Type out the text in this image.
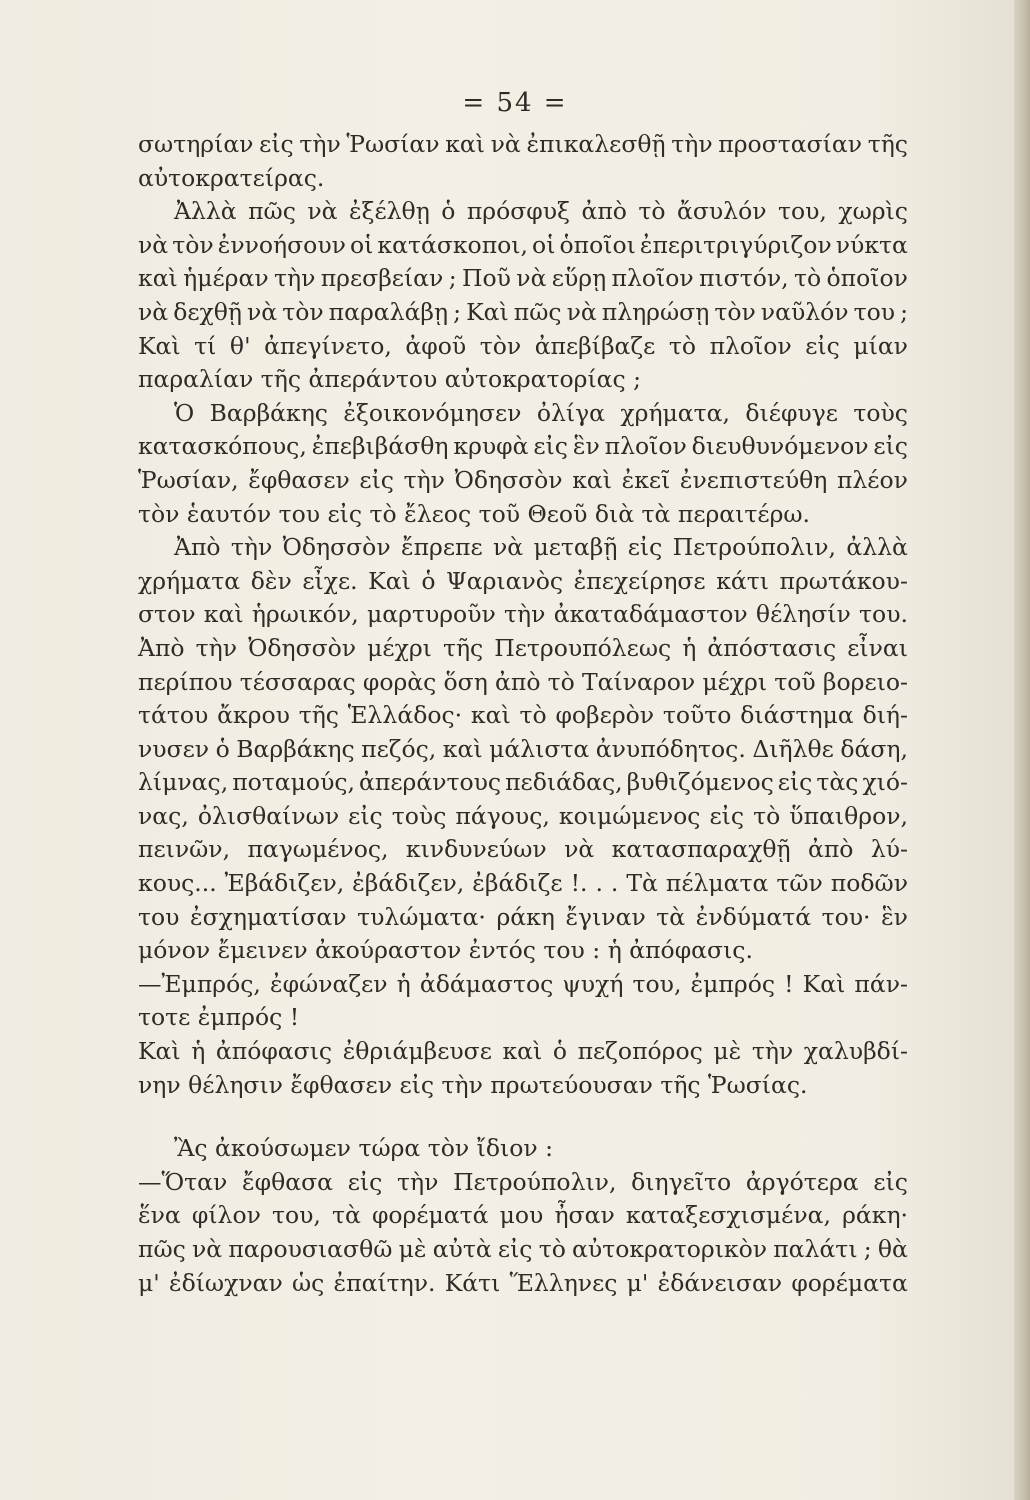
= 54 =
σωτηρίαν εἰς τὴν Ῥωσίαν καὶ νὰ ἐπικαλεσθῇ τὴν προστασίαν τῆς
αὐτοκρατείρας.
Ἀλλὰ πῶς νὰ ἐξέλθῃ ὁ πρόσφυξ ἀπὸ τὸ ἄσυλόν του, χωρὶς
νὰ τὸν ἐννοήσουν οἱ κατάσκοποι, οἱ ὁποῖοι ἐπεριτριγύριζον νύκτα
καὶ ἡμέραν τὴν πρεσβείαν ; Ποῦ νὰ εὕρῃ πλοῖον πιστόν, τὸ ὁποῖον
νὰ δεχθῇ νὰ τὸν παραλάβῃ ; Καὶ πῶς νὰ πληρώσῃ τὸν ναῦλόν του ;
Καὶ τί θ' ἀπεγίνετο, ἀφοῦ τὸν ἀπεβίβαζε τὸ πλοῖον εἰς μίαν
παραλίαν τῆς ἀπεράντου αὐτοκρατορίας ;
Ὁ Βαρβάκης ἐξοικονόμησεν ὀλίγα χρήματα, διέφυγε τοὺς
κατασκόπους, ἐπεβιβάσθη κρυφὰ εἰς ἓν πλοῖον διευθυνόμενον εἰς
Ῥωσίαν, ἔφθασεν εἰς τὴν Ὀδησσὸν καὶ ἐκεῖ ἐνεπιστεύθη πλέον
τὸν ἑαυτόν του εἰς τὸ ἔλεος τοῦ Θεοῦ διὰ τὰ περαιτέρω.
Ἀπὸ τὴν Ὀδησσὸν ἔπρεπε νὰ μεταβῇ εἰς Πετρούπολιν, ἀλλὰ
χρήματα δὲν εἶχε. Καὶ ὁ Ψαριανὸς ἐπεχείρησε κάτι πρωτάκου-
στον καὶ ἡρωικόν, μαρτυροῦν τὴν ἀκαταδάμαστον θέλησίν του.
Ἀπὸ τὴν Ὀδησσὸν μέχρι τῆς Πετρουπόλεως ἡ ἀπόστασις εἶναι
περίπου τέσσαρας φορὰς ὅση ἀπὸ τὸ Ταίναρον μέχρι τοῦ βορειο-
τάτου ἄκρου τῆς Ἑλλάδος· καὶ τὸ φοβερὸν τοῦτο διάστημα διή-
νυσεν ὁ Βαρβάκης πεζός, καὶ μάλιστα ἀνυπόδητος. Διῆλθε δάση,
λίμνας, ποταμούς, ἀπεράντους πεδιάδας, βυθιζόμενος εἰς τὰς χιό-
νας, ὀλισθαίνων εἰς τοὺς πάγους, κοιμώμενος εἰς τὸ ὕπαιθρον,
πεινῶν, παγωμένος, κινδυνεύων νὰ κατασπαραχθῇ ἀπὸ λύ-
κους... Ἐβάδιζεν, ἐβάδιζεν, ἐβάδιζε !. . . Τὰ πέλματα τῶν ποδῶν
του ἐσχηματίσαν τυλώματα· ράκη ἔγιναν τὰ ἐνδύματά του· ἓν
μόνον ἔμεινεν ἀκούραστον ἐντός του : ἡ ἀπόφασις.
—Ἐμπρός, ἐφώναζεν ἡ ἀδάμαστος ψυχή του, ἐμπρός ! Καὶ πάν-
τοτε ἐμπρός !
Καὶ ἡ ἀπόφασις ἐθριάμβευσε καὶ ὁ πεζοπόρος μὲ τὴν χαλυβδί-
νην θέλησιν ἔφθασεν εἰς τὴν πρωτεύουσαν τῆς Ῥωσίας.
Ἂς ἀκούσωμεν τώρα τὸν ἴδιον :
—Ὅταν ἔφθασα εἰς τὴν Πετρούπολιν, διηγεῖτο ἀργότερα εἰς
ἕνα φίλον του, τὰ φορέματά μου ἦσαν καταξεσχισμένα, ράκη·
πῶς νὰ παρουσιασθῶ μὲ αὐτὰ εἰς τὸ αὐτοκρατορικὸν παλάτι ; θὰ
μ' ἐδίωχναν ὡς ἐπαίτην. Κάτι Ἕλληνες μ' ἐδάνεισαν φορέματα
